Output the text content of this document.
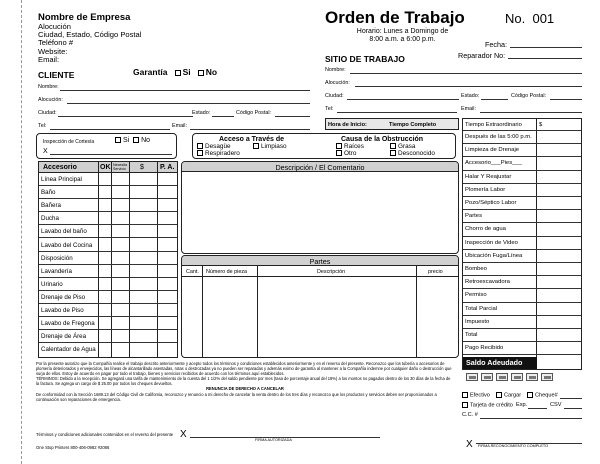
Nombre de Empresa
Alocución
Ciudad, Estado, Código Postal
Teléfono #
Website:
Email:
Orden de Trabajo	No. 001
Horario: Lunes a Domingo de
8:00 a.m. a 6:00 p.m.
Fecha:
Reparador No:
CLIENTE	Garantía Si No
Nombre:
Alocución:
Ciudad:	Estado:	Código Postal:
Tel:	Email:
SITIO DE TRABAJO
Nombre:
Alocución:
Ciudad:	Estado:	Código Postal:
Tel:	Email:
Inspección de Cortesía	Si No
X
Acceso a Través de
Desagüe	Limpiaso
Respiradero
Causa de la Obstrucción
Raíces	Grasa
Otro	Desconocido
Hora de Inicio:	Tiempo Completo
Accesorio	OK Necesita Servicio	$ P. A.
Línea Principal
Baño
Bañera
Ducha
Lavabo del baño
Lavabo del Cocina
Disposición
Lavandería
Urinario
Drenaje de Piso
Lavabo de Piso
Lavabo de Fregona
Drenaje de Área
Calentador de Agua
Descripción / El Comentario
Partes
Cant. Número de pieza	Descripción	precio
Tiempo Extraordinario	$
Después de las 5:00 p.m.
Limpieza de Drenaje
Accesorio___Pies___
Halar Y Reajustar
Plomería Labor
Pozo/Séptico Labor
Partes
Chorro de agua
Inspección de Video
Ubicación Fuga/Línea
Bombeo
Retroexcavadora
Permiso
Total Parcial
Impuesto
Total
Pago Recibido
Saldo Adeudado
Por la presente autorizo que la Compañía realice el trabajo descrito anteriormente y acepto todos los términos y condiciones establecidos anteriormente y en el reverso del presente. Reconozco que los tubería o accesorios de plomería deteriorados y envejecidos, las líneas de alcantarillado asentadas, rotas o destrozadas ya no pueden ser reparadas y además eximo de garantía al mantener a la Compañía indemne por cualquier daño o destrucción que surja de ellos. Estoy de acuerdo en pagar por todo el trabajo, bienes y servicios recibidos de acuerdo con los términos aquí establecidos.
TÉRMINOS: Debido a la recepción. Se agregará una tarifa de mantenimiento de la cuenta del 1 1/2% del saldo pendiente por mes (tasa de porcentaje anual del 18%) a los montos no pagados dentro de los 30 días de la fecha de la factura. Se agrega un cargo de $ 25.00 por todos los cheques devueltos.
RENUNCIA DE DERECHO A CANCELAR
De conformidad con la Sección 1689.13 del Código Civil de California, reconozco y renuncio a mi derecho de cancelar la venta dentro de los tres días y reconozco que los productos y servicios deben ser proporcionados a continuación son reparaciones de emergencia.
Términos y condiciones adicionales contenidos en el reverso del presente X	FIRMA AUTORIZADA
One Stop Printers 800-406-0982 #2086	X FIRMA RECONOCIMIENTO COMPLETO
Efectivo	Cargar	Cheque#
Tarjeta de crédito Exp.	CSV
C.C. #
